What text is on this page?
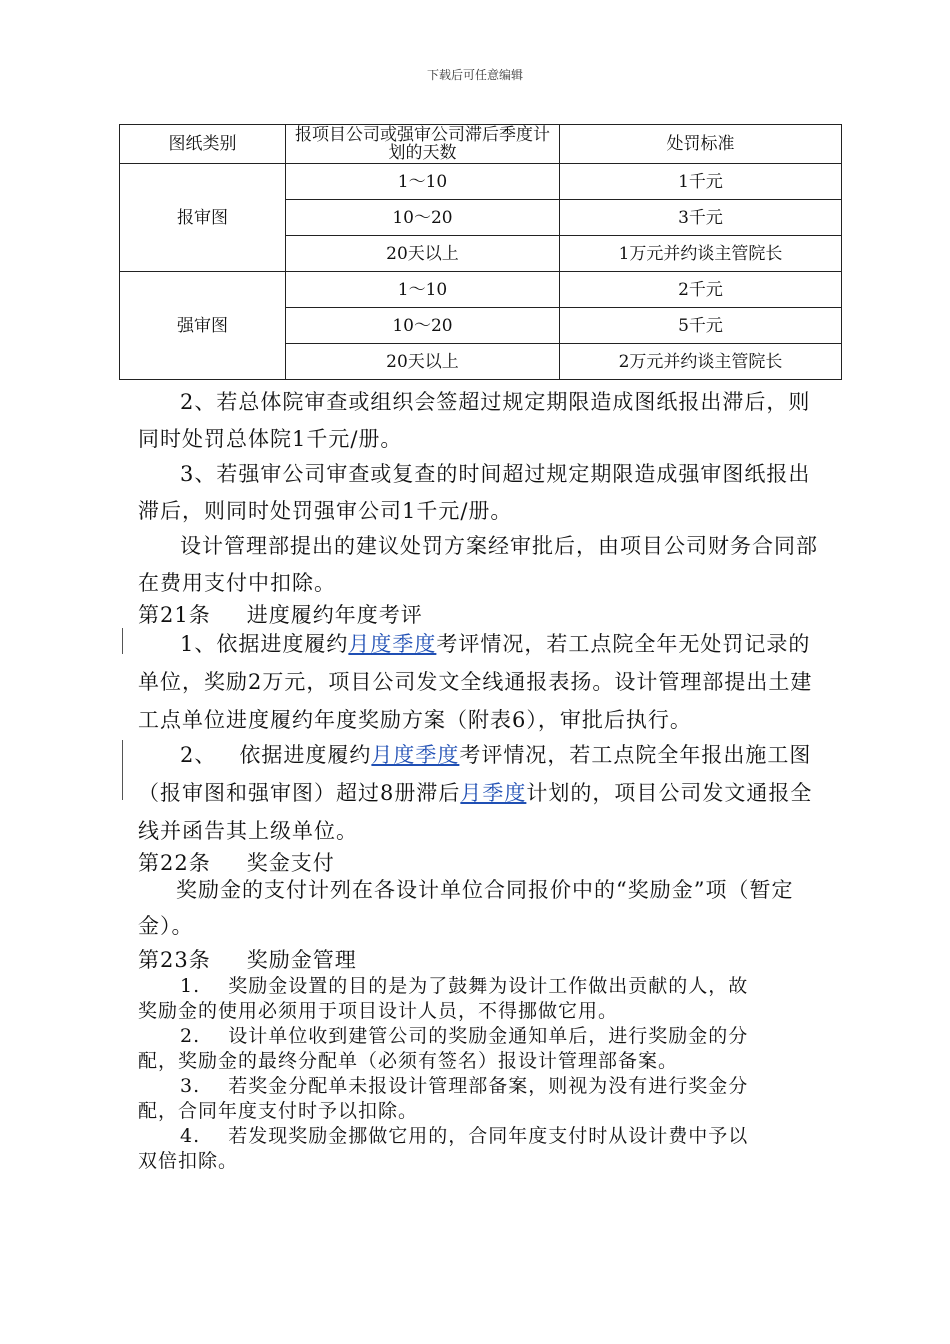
下载后可任意编辑
图纸类别	报项目公司或强审公司滞后季度计划的天数	处罚标准
报审图	1～10	1千元
	10～20	3千元
	20天以上	1万元并约谈主管院长
强审图	1～10	2千元
	10～20	5千元
	20天以上	2万元并约谈主管院长
2、若总体院审查或组织会签超过规定期限造成图纸报出滞后，则
同时处罚总体院1千元/册。
3、若强审公司审查或复查的时间超过规定期限造成强审图纸报出
滞后，则同时处罚强审公司1千元/册。
设计管理部提出的建议处罚方案经审批后，由项目公司财务合同部
在费用支付中扣除。
第21条 进度履约年度考评
1、依据进度履约月度季度考评情况，若工点院全年无处罚记录的
单位，奖励2万元，项目公司发文全线通报表扬。设计管理部提出土建
工点单位进度履约年度奖励方案（附表6），审批后执行。
2、   依据进度履约月度季度考评情况，若工点院全年报出施工图
（报审图和强审图）超过8册滞后月季度计划的，项目公司发文通报全
线并函告其上级单位。
第22条 奖金支付
奖励金的支付计列在各设计单位合同报价中的“奖励金”项（暂定
金）。
第23条 奖励金管理
1.    奖励金设置的目的是为了鼓舞为设计工作做出贡献的人，故
奖励金的使用必须用于项目设计人员，不得挪做它用。
2.    设计单位收到建管公司的奖励金通知单后，进行奖励金的分
配，奖励金的最终分配单（必须有签名）报设计管理部备案。
3.    若奖金分配单未报设计管理部备案，则视为没有进行奖金分
配，合同年度支付时予以扣除。
4.    若发现奖励金挪做它用的，合同年度支付时从设计费中予以
双倍扣除。
